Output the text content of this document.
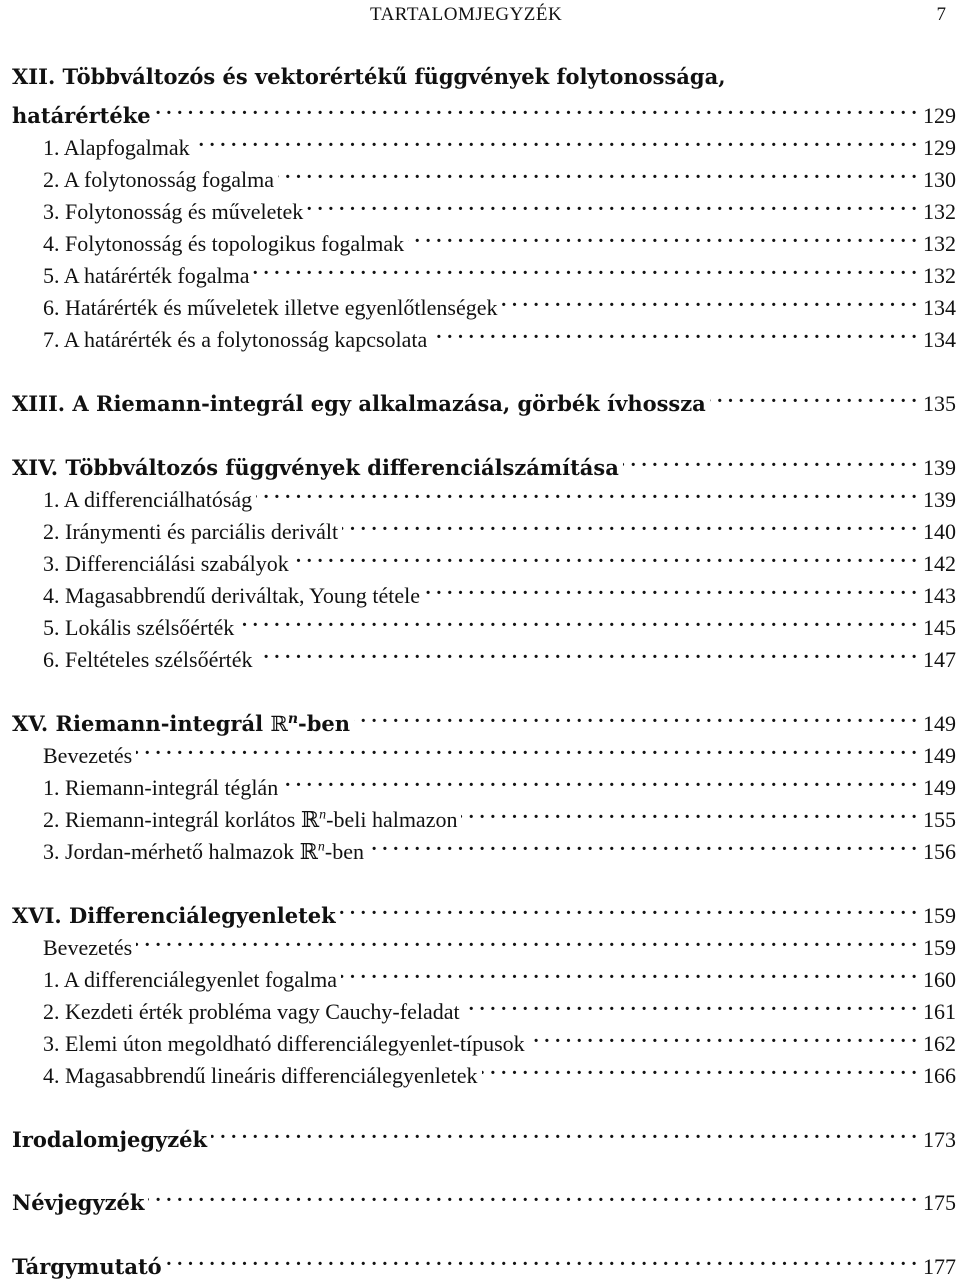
TARTALOMJEGYZÉK	7
XII. Többváltozós és vektorértékű függvények folytonossága,
határértéke . . .	129
1. Alapfogalmak . . .	129
2. A folytonosság fogalma . . .	130
3. Folytonosság és műveletek . . .	132
4. Folytonosság és topologikus fogalmak . . .	132
5. A határérték fogalma . . .	132
6. Határérték és műveletek illetve egyenlőtlenségek . . .	134
7. A határérték és a folytonosság kapcsolata . . .	134
XIII. A Riemann-integrál egy alkalmazása, görbék ívhossza . . .	135
XIV. Többváltozós függvények differenciálszámítása . . .	139
1. A differenciálhatóság . . .	139
2. Iránymenti és parciális derivált . . .	140
3. Differenciálási szabályok . . .	142
4. Magasabbrendű deriváltak, Young tétele . . .	143
5. Lokális szélsőérték . . .	145
6. Feltételes szélsőérték . . .	147
XV. Riemann-integrál ℝ$^n$-ben . . .	149
Bevezetés . . .	149
1. Riemann-integrál téglán . . .	149
2. Riemann-integrál korlátos ℝ$^n$-beli halmazon . . .	155
3. Jordan-mérhető halmazok ℝ$^n$-ben . . .	156
XVI. Differenciálegyenletek . . .	159
Bevezetés . . .	159
1. A differenciálegyenlet fogalma . . .	160
2. Kezdeti érték probléma vagy Cauchy-feladat . . .	161
3. Elemi úton megoldható differenciálegyenlet-típusok . . .	162
4. Magasabbrendű lineáris differenciálegyenletek . . .	166
Irodalomjegyzék . . .	173
Névjegyzék . . .	175
Tárgymutató . . .	177
